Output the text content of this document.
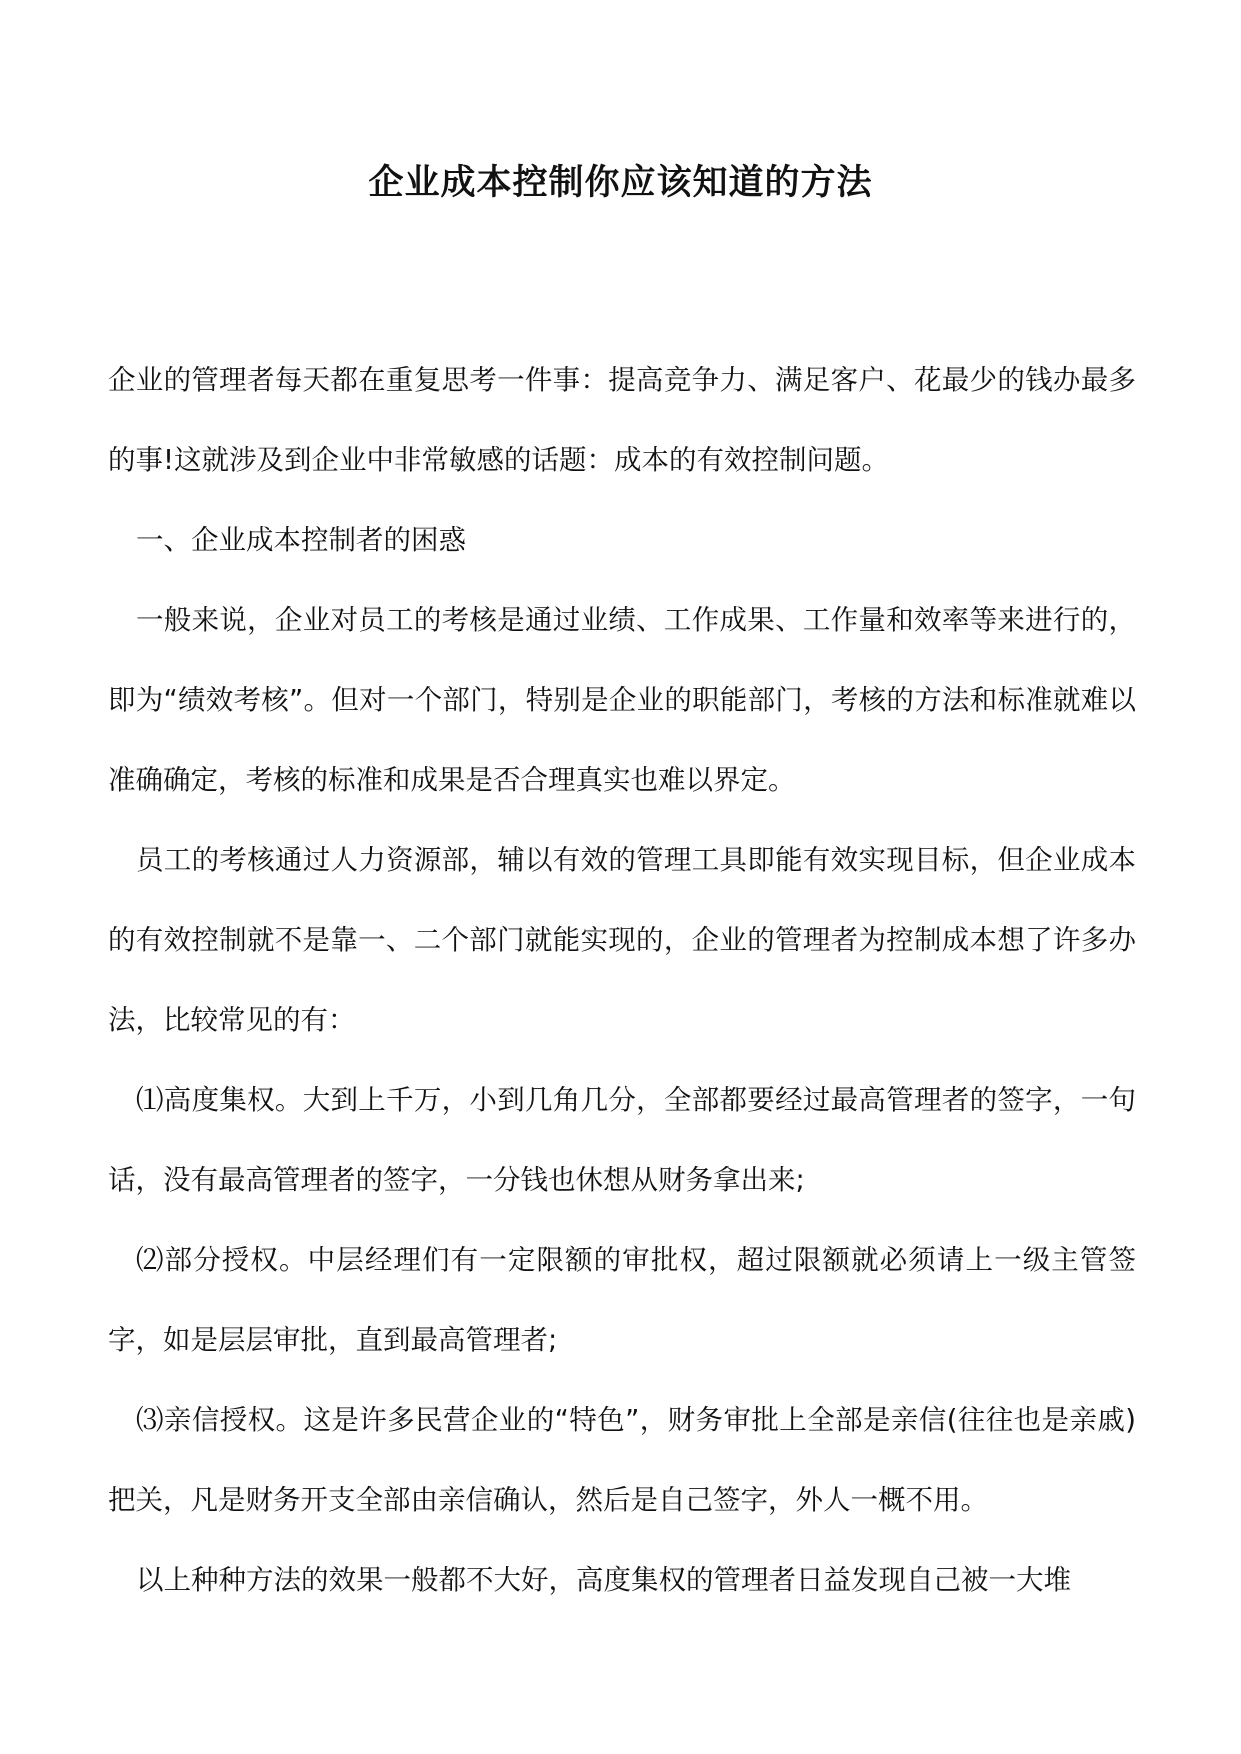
企业成本控制你应该知道的方法

企业的管理者每天都在重复思考一件事：提高竞争力、满足客户、花最少的钱办最多的事!这就涉及到企业中非常敏感的话题：成本的有效控制问题。

一、企业成本控制者的困惑

一般来说，企业对员工的考核是通过业绩、工作成果、工作量和效率等来进行的，即为“绩效考核”。但对一个部门，特别是企业的职能部门，考核的方法和标准就难以准确确定，考核的标准和成果是否合理真实也难以界定。

员工的考核通过人力资源部，辅以有效的管理工具即能有效实现目标，但企业成本的有效控制就不是靠一、二个部门就能实现的，企业的管理者为控制成本想了许多办法，比较常见的有：

⑴高度集权。大到上千万，小到几角几分，全部都要经过最高管理者的签字，一句话，没有最高管理者的签字，一分钱也休想从财务拿出来;

⑵部分授权。中层经理们有一定限额的审批权，超过限额就必须请上一级主管签字，如是层层审批，直到最高管理者;

⑶亲信授权。这是许多民营企业的“特色”，财务审批上全部是亲信(往往也是亲戚)把关，凡是财务开支全部由亲信确认，然后是自己签字，外人一概不用。

以上种种方法的效果一般都不大好，高度集权的管理者日益发现自己被一大堆
